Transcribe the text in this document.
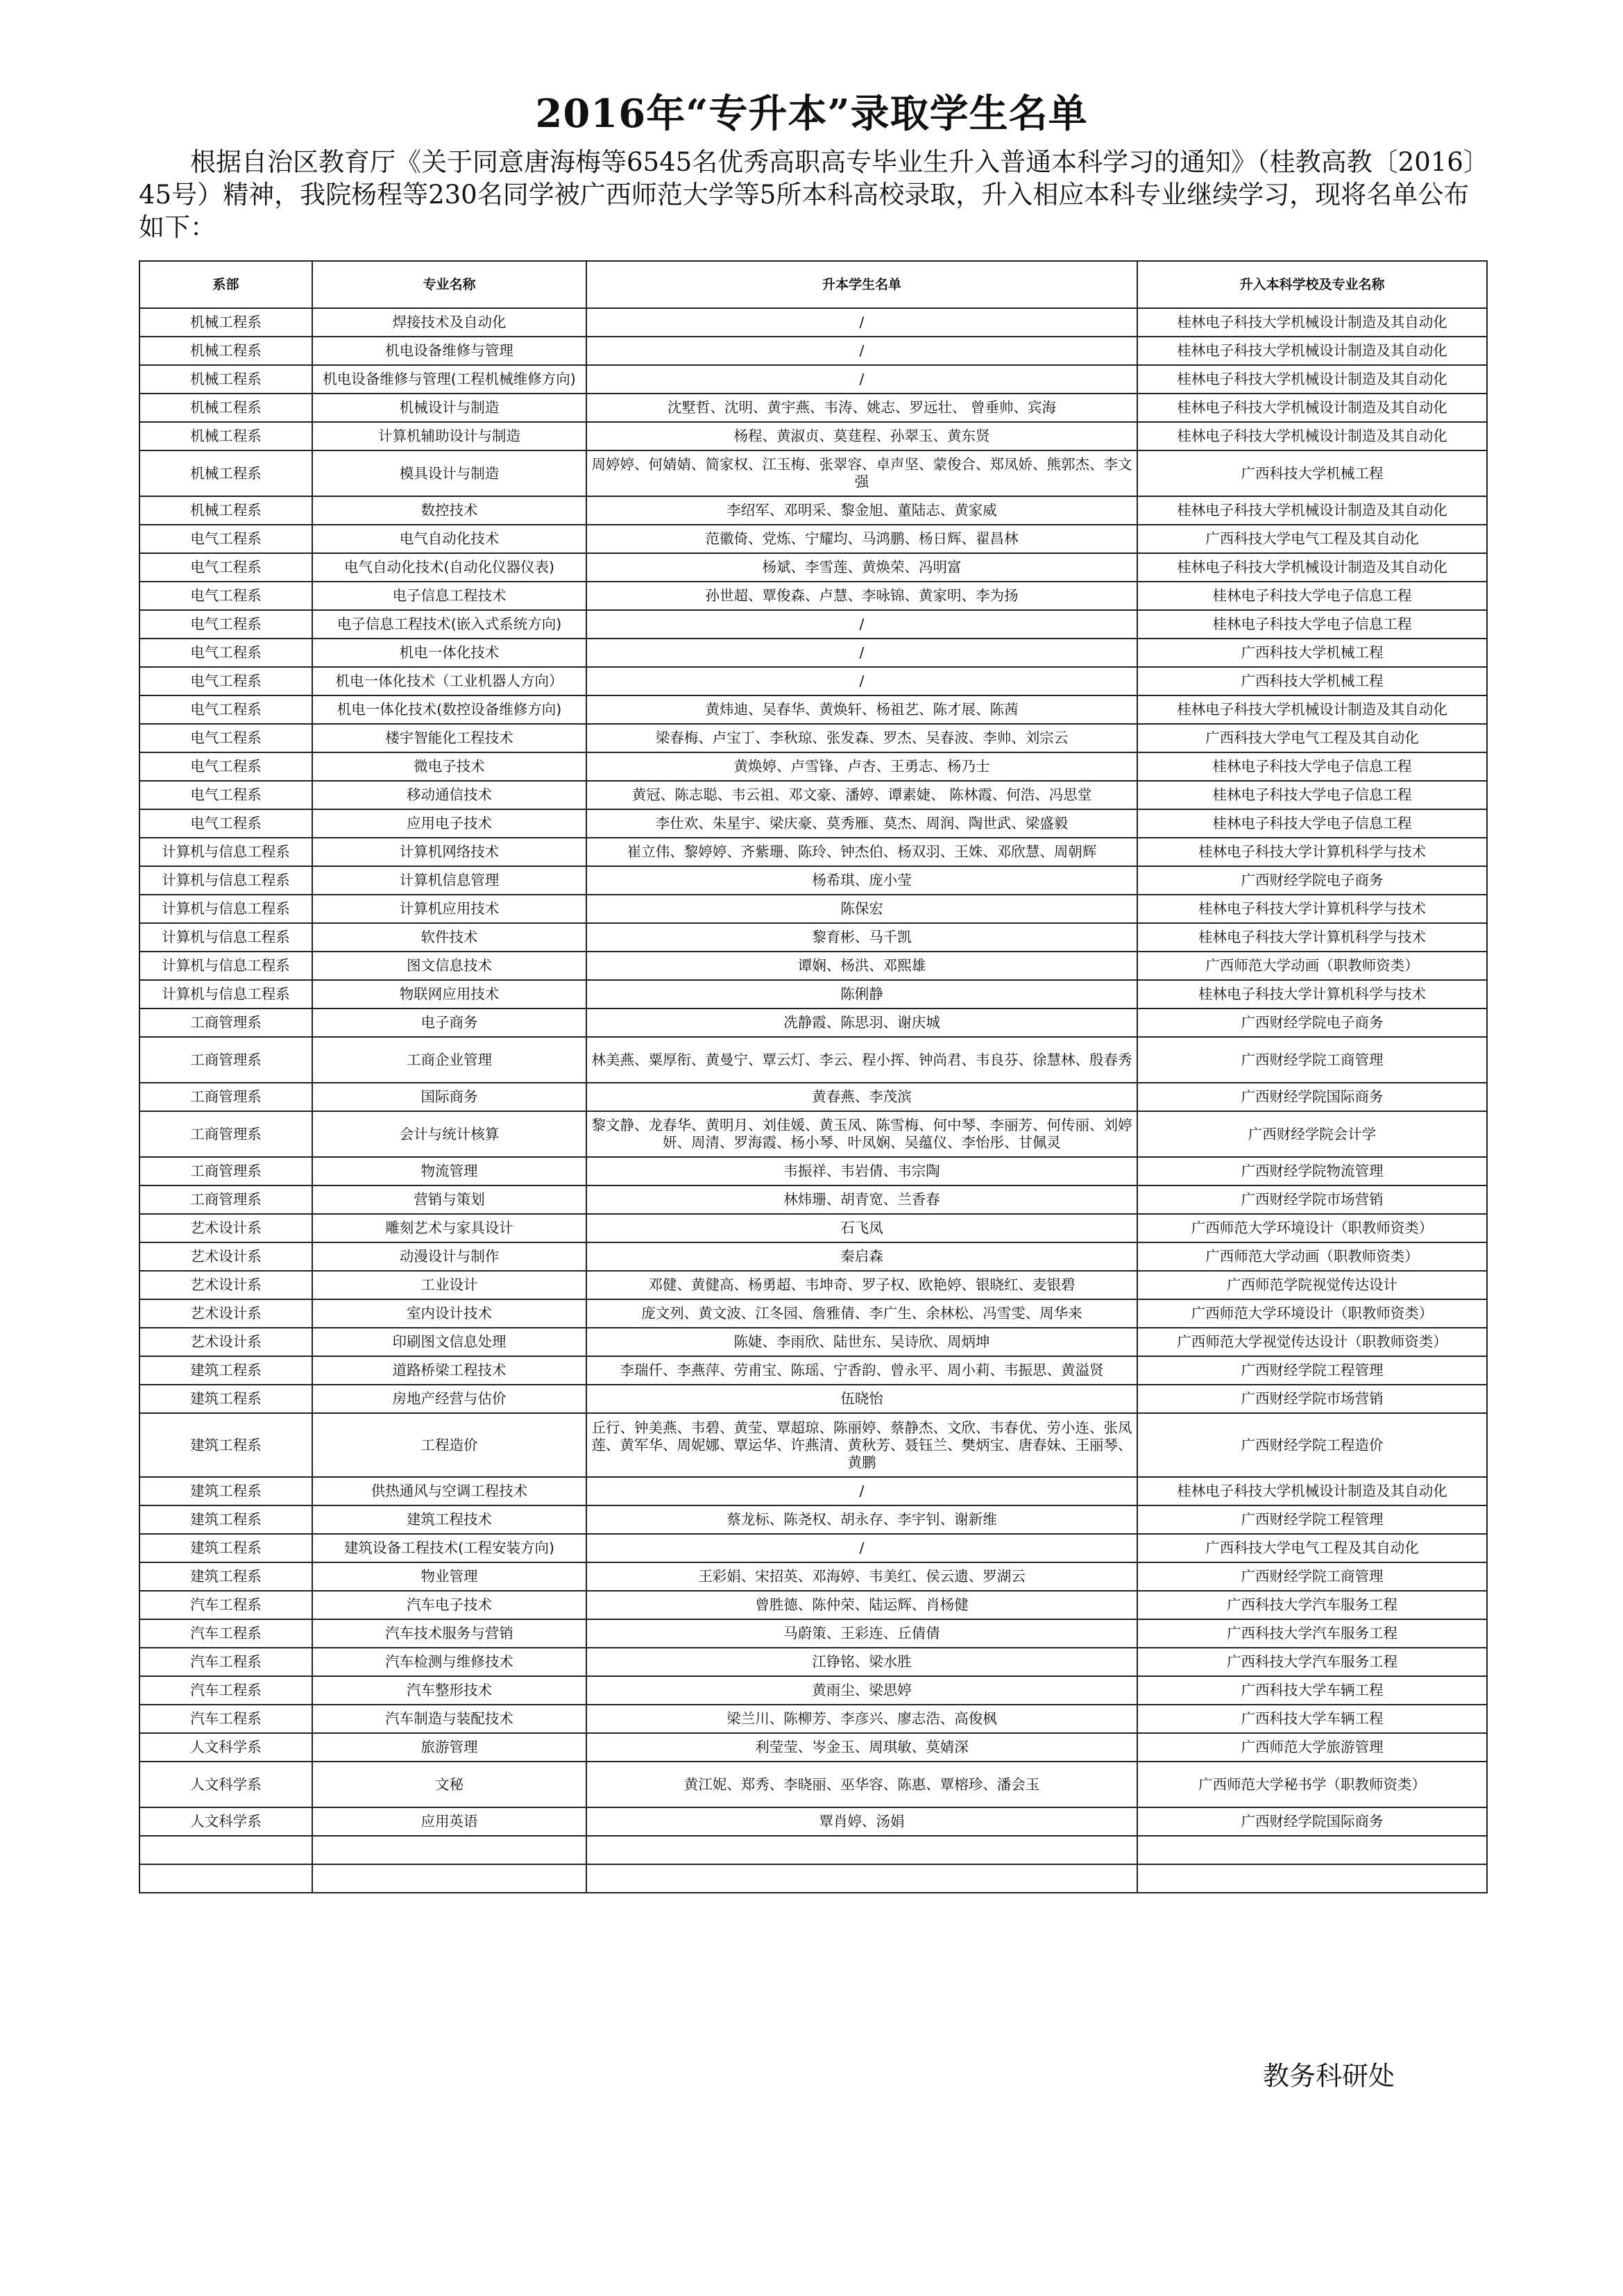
2016年“专升本”录取学生名单
根据自治区教育厅《关于同意唐海梅等6545名优秀高职高专毕业生升入普通本科学习的通知》（桂教高教〔2016〕45号）精神，我院杨程等230名同学被广西师范大学等5所本科高校录取，升入相应本科专业继续学习，现将名单公布如下：
系部	专业名称	升本学生名单	升入本科学校及专业名称
机械工程系	焊接技术及自动化	/	桂林电子科技大学机械设计制造及其自动化
机械工程系	机电设备维修与管理	/	桂林电子科技大学机械设计制造及其自动化
机械工程系	机电设备维修与管理(工程机械维修方向)	/	桂林电子科技大学机械设计制造及其自动化
机械工程系	机械设计与制造	沈墅哲、沈明、黄宇燕、韦涛、姚志、罗远壮、 曾垂帅、宾海	桂林电子科技大学机械设计制造及其自动化
机械工程系	计算机辅助设计与制造	杨程、黄淑贞、莫莛程、孙翠玉、黄东贤	桂林电子科技大学机械设计制造及其自动化
机械工程系	模具设计与制造	周婷婷、何婧婧、简家权、江玉梅、张翠容、卓声坚、蒙俊合、郑凤娇、熊郭杰、李文强	广西科技大学机械工程
机械工程系	数控技术	李绍军、邓明采、黎金旭、董陆志、黄家威	桂林电子科技大学机械设计制造及其自动化
电气工程系	电气自动化技术	范徽倚、党炼、宁耀均、马鸿鹏、杨日辉、翟昌林	广西科技大学电气工程及其自动化
电气工程系	电气自动化技术(自动化仪器仪表)	杨斌、李雪莲、黄焕荣、冯明富	桂林电子科技大学机械设计制造及其自动化
电气工程系	电子信息工程技术	孙世超、覃俊森、卢慧、李咏锦、黄家明、李为扬	桂林电子科技大学电子信息工程
电气工程系	电子信息工程技术(嵌入式系统方向)	/	桂林电子科技大学电子信息工程
电气工程系	机电一体化技术	/	广西科技大学机械工程
电气工程系	机电一体化技术（工业机器人方向）	/	广西科技大学机械工程
电气工程系	机电一体化技术(数控设备维修方向)	黄炜迪、吴春华、黄焕轩、杨祖艺、陈才展、陈茜	桂林电子科技大学机械设计制造及其自动化
电气工程系	楼宇智能化工程技术	梁春梅、卢宝丁、李秋琼、张发森、罗杰、吴春波、李帅、刘宗云	广西科技大学电气工程及其自动化
电气工程系	微电子技术	黄焕婷、卢雪锋、卢杏、王勇志、杨乃士	桂林电子科技大学电子信息工程
电气工程系	移动通信技术	黄冠、陈志聪、韦云祖、邓文豪、潘婷、谭素婕、 陈林霞、何浩、冯思堂	桂林电子科技大学电子信息工程
电气工程系	应用电子技术	李仕欢、朱星宇、梁庆豪、莫秀雁、莫杰、周润、陶世武、梁盛毅	桂林电子科技大学电子信息工程
计算机与信息工程系	计算机网络技术	崔立伟、黎婷婷、齐紫珊、陈玲、钟杰伯、杨双羽、王姝、邓欣慧、周朝辉	桂林电子科技大学计算机科学与技术
计算机与信息工程系	计算机信息管理	杨希琪、庞小莹	广西财经学院电子商务
计算机与信息工程系	计算机应用技术	陈保宏	桂林电子科技大学计算机科学与技术
计算机与信息工程系	软件技术	黎育彬、马千凯	桂林电子科技大学计算机科学与技术
计算机与信息工程系	图文信息技术	谭娴、杨洪、邓熙雄	广西师范大学动画（职教师资类）
计算机与信息工程系	物联网应用技术	陈俐静	桂林电子科技大学计算机科学与技术
工商管理系	电子商务	冼静霞、陈思羽、谢庆城	广西财经学院电子商务
工商管理系	工商企业管理	林美燕、粟厚衔、黄曼宁、覃云灯、李云、程小挥、钟尚君、韦良芬、徐慧林、殷春秀	广西财经学院工商管理
工商管理系	国际商务	黄春燕、李茂滨	广西财经学院国际商务
工商管理系	会计与统计核算	黎文静、龙春华、黄明月、刘佳媛、黄玉凤、陈雪梅、何中琴、李丽芳、何传丽、刘婷妍、周清、罗海霞、杨小琴、叶凤娴、吴蕴仪、李怡彤、甘佩灵	广西财经学院会计学
工商管理系	物流管理	韦振祥、韦岩倩、韦宗陶	广西财经学院物流管理
工商管理系	营销与策划	林炜珊、胡青宽、兰香春	广西财经学院市场营销
艺术设计系	雕刻艺术与家具设计	石飞凤	广西师范大学环境设计（职教师资类）
艺术设计系	动漫设计与制作	秦启森	广西师范大学动画（职教师资类）
艺术设计系	工业设计	邓健、黄健高、杨勇超、韦坤奇、罗子权、欧艳婷、银晓红、麦银碧	广西师范学院视觉传达设计
艺术设计系	室内设计技术	庞文列、黄文波、江冬园、詹雅倩、李广生、余林松、冯雪雯、周华来	广西师范大学环境设计（职教师资类）
艺术设计系	印刷图文信息处理	陈婕、李雨欣、陆世东、吴诗欣、周炳坤	广西师范大学视觉传达设计（职教师资类）
建筑工程系	道路桥梁工程技术	李瑞仟、李燕萍、劳甫宝、陈瑶、宁香韵、曾永平、周小莉、韦振思、黄溢贤	广西财经学院工程管理
建筑工程系	房地产经营与估价	伍晓怡	广西财经学院市场营销
建筑工程系	工程造价	丘行、钟美燕、韦碧、黄莹、覃超琼、陈丽婷、蔡静杰、文欣、韦春优、劳小连、张凤莲、黄军华、周妮娜、覃运华、许燕清、黄秋芳、聂钰兰、樊炳宝、唐春妹、王丽琴、黄鹏	广西财经学院工程造价
建筑工程系	供热通风与空调工程技术	/	桂林电子科技大学机械设计制造及其自动化
建筑工程系	建筑工程技术	蔡龙标、陈尧权、胡永存、李宇钊、谢新维	广西财经学院工程管理
建筑工程系	建筑设备工程技术(工程安装方向)	/	广西科技大学电气工程及其自动化
建筑工程系	物业管理	王彩娟、宋招英、邓海婷、韦美红、侯云遗、罗湖云	广西财经学院工商管理
汽车工程系	汽车电子技术	曾胜德、陈仲荣、陆运辉、肖杨健	广西科技大学汽车服务工程
汽车工程系	汽车技术服务与营销	马蔚策、王彩连、丘倩倩	广西科技大学汽车服务工程
汽车工程系	汽车检测与维修技术	江铮铭、梁水胜	广西科技大学汽车服务工程
汽车工程系	汽车整形技术	黄雨尘、梁思婷	广西科技大学车辆工程
汽车工程系	汽车制造与装配技术	梁兰川、陈柳芳、李彦兴、廖志浩、高俊枫	广西科技大学车辆工程
人文科学系	旅游管理	利莹莹、岑金玉、周琪敏、莫婧深	广西师范大学旅游管理
人文科学系	文秘	黄江妮、郑秀、李晓丽、巫华容、陈惠、覃榕珍、潘会玉	广西师范大学秘书学（职教师资类）
人文科学系	应用英语	覃肖婷、汤娟	广西财经学院国际商务

教务科研处
